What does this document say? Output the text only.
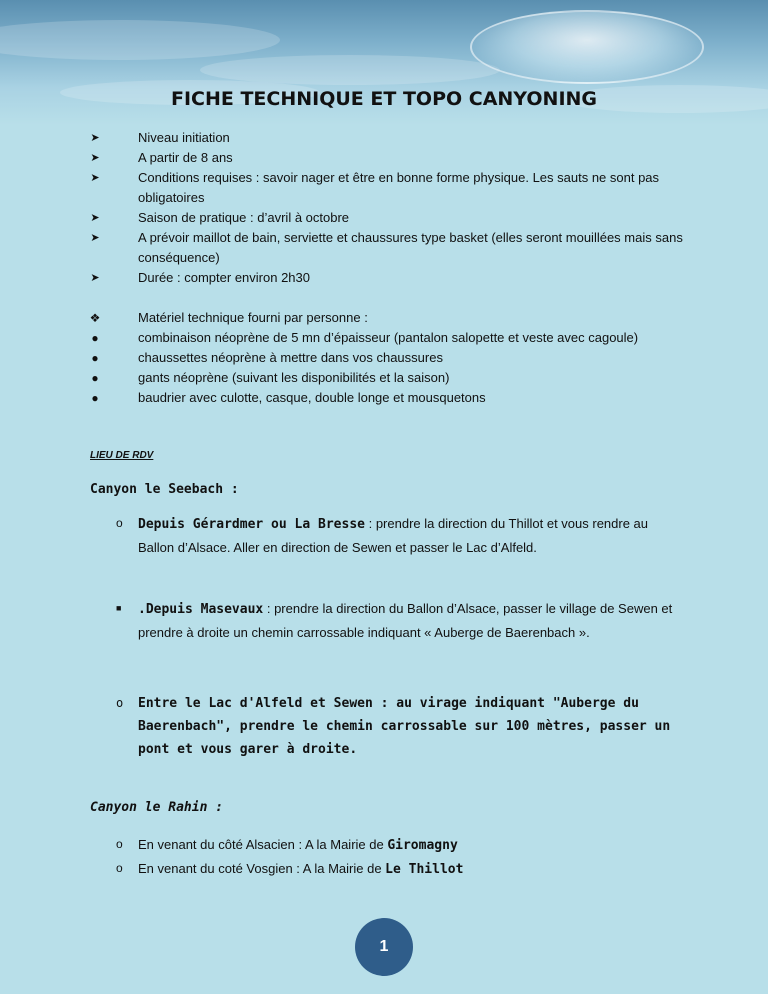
FICHE TECHNIQUE ET TOPO CANYONING
➤	Niveau initiation
➤	A partir de 8 ans
➤	Conditions requises : savoir nager et être en bonne forme physique. Les sauts ne sont pas obligatoires
➤	Saison de pratique : d’avril à octobre
➤	A prévoir maillot de bain, serviette et chaussures type basket (elles seront mouillées mais sans conséquence)
➤	Durée : compter environ 2h30
❖	Matériel technique fourni par personne :
●	combinaison néoprène de 5 mn d’épaisseur (pantalon salopette et veste avec cagoule)
●	chaussettes néoprène à mettre dans vos chaussures
●	gants néoprène (suivant les disponibilités et la saison)
●	baudrier avec culotte, casque, double longe et mousquetons
LIEU DE RDV
Canyon le Seebach :
o Depuis Gérardmer ou La Bresse : prendre la direction du Thillot et vous rendre au Ballon d’Alsace. Aller en direction de Sewen et passer le Lac d’Alfeld.
■ .Depuis Masevaux : prendre la direction du Ballon d’Alsace, passer le village de Sewen et prendre à droite un chemin carrossable indiquant « Auberge de Baerenbach ».
o Entre le Lac d'Alfeld et Sewen : au virage indiquant "Auberge du Baerenbach", prendre le chemin carrossable sur 100 mètres, passer un pont et vous garer à droite.
Canyon le Rahin :
o En venant du côté Alsacien : A la Mairie de Giromagny
o En venant du coté Vosgien : A la Mairie de Le Thillot
1
